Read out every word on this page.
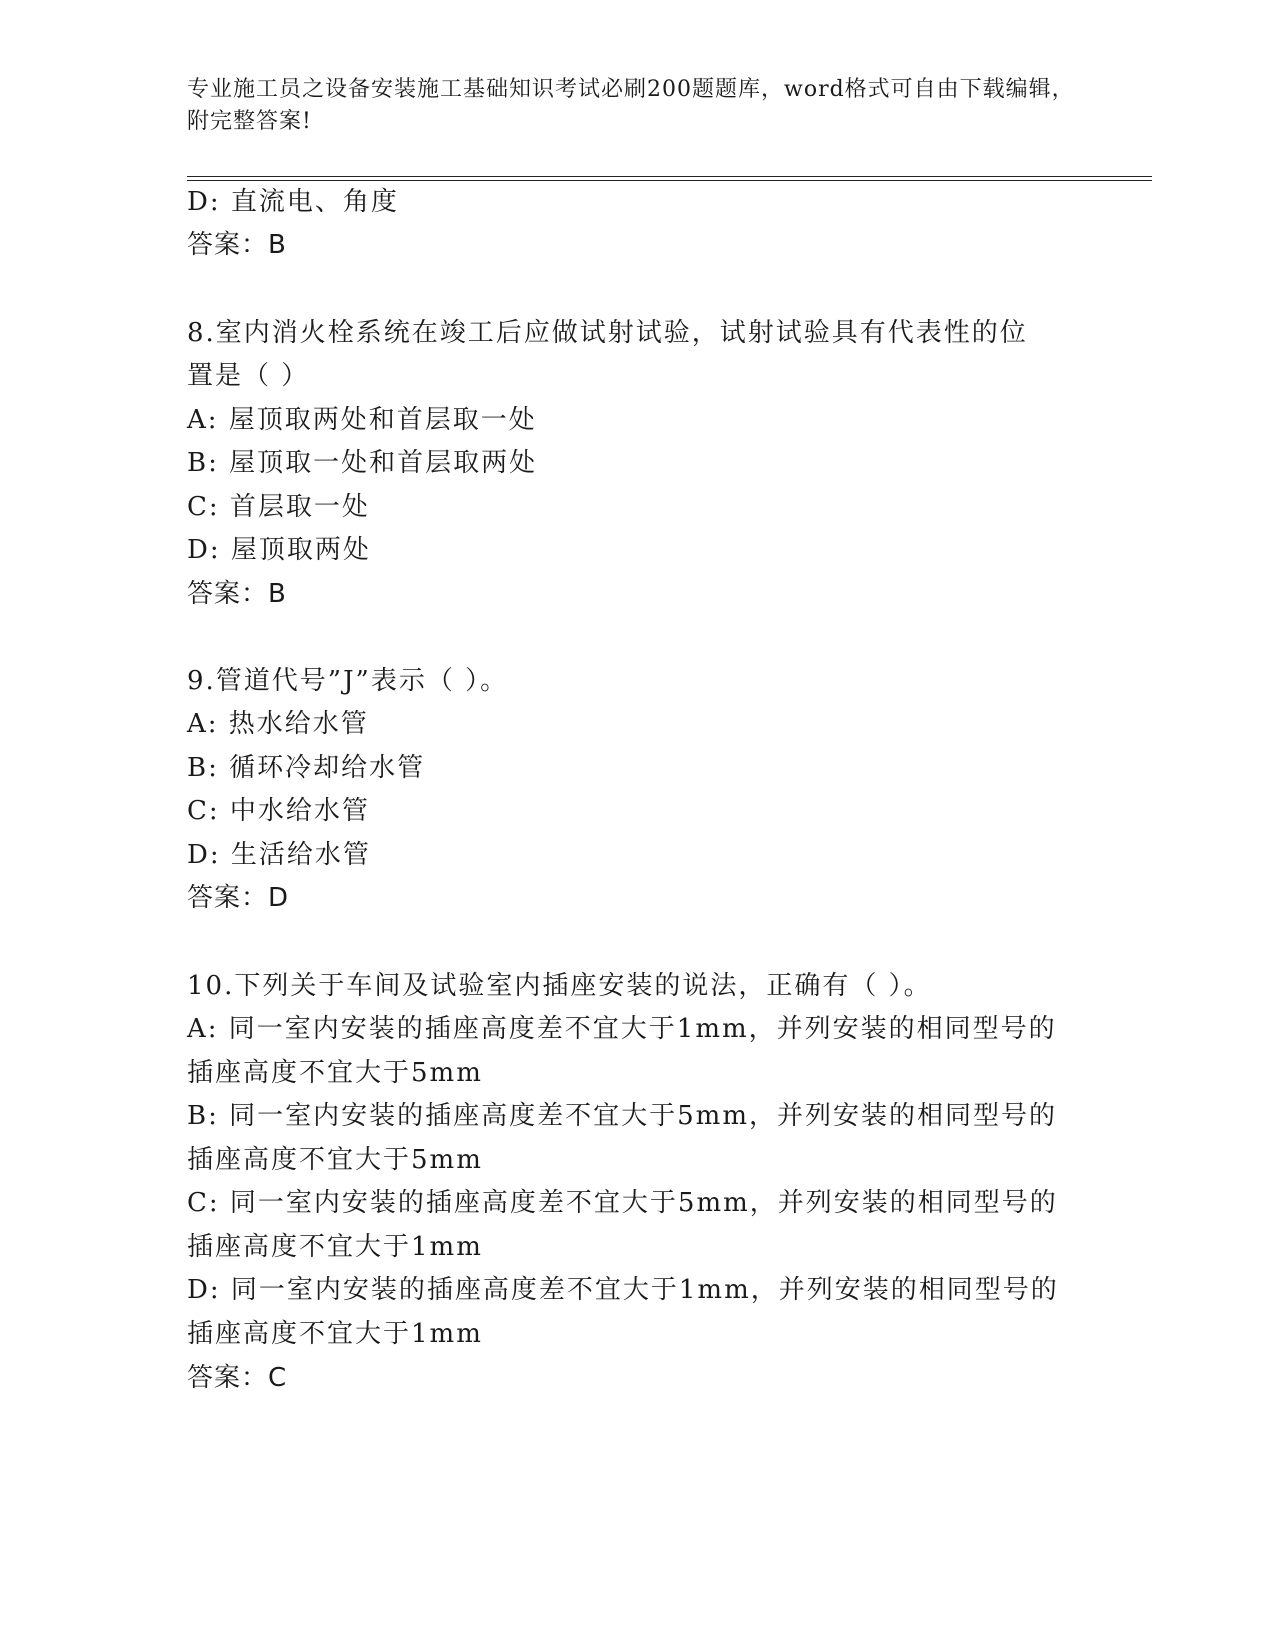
专业施工员之设备安装施工基础知识考试必刷200题题库，word格式可自由下载编辑，附完整答案!
D: 直流电、角度
答案：B
8.室内消火栓系统在竣工后应做试射试验，试射试验具有代表性的位
置是（ ）
A: 屋顶取两处和首层取一处
B: 屋顶取一处和首层取两处
C: 首层取一处
D: 屋顶取两处
答案：B
9.管道代号”J”表示（ ）。
A: 热水给水管
B: 循环冷却给水管
C: 中水给水管
D: 生活给水管
答案：D
10.下列关于车间及试验室内插座安装的说法，正确有（ ）。
A: 同一室内安装的插座高度差不宜大于1mm，并列安装的相同型号的
插座高度不宜大于5mm
B: 同一室内安装的插座高度差不宜大于5mm，并列安装的相同型号的
插座高度不宜大于5mm
C: 同一室内安装的插座高度差不宜大于5mm，并列安装的相同型号的
插座高度不宜大于1mm
D: 同一室内安装的插座高度差不宜大于1mm，并列安装的相同型号的
插座高度不宜大于1mm
答案：C
